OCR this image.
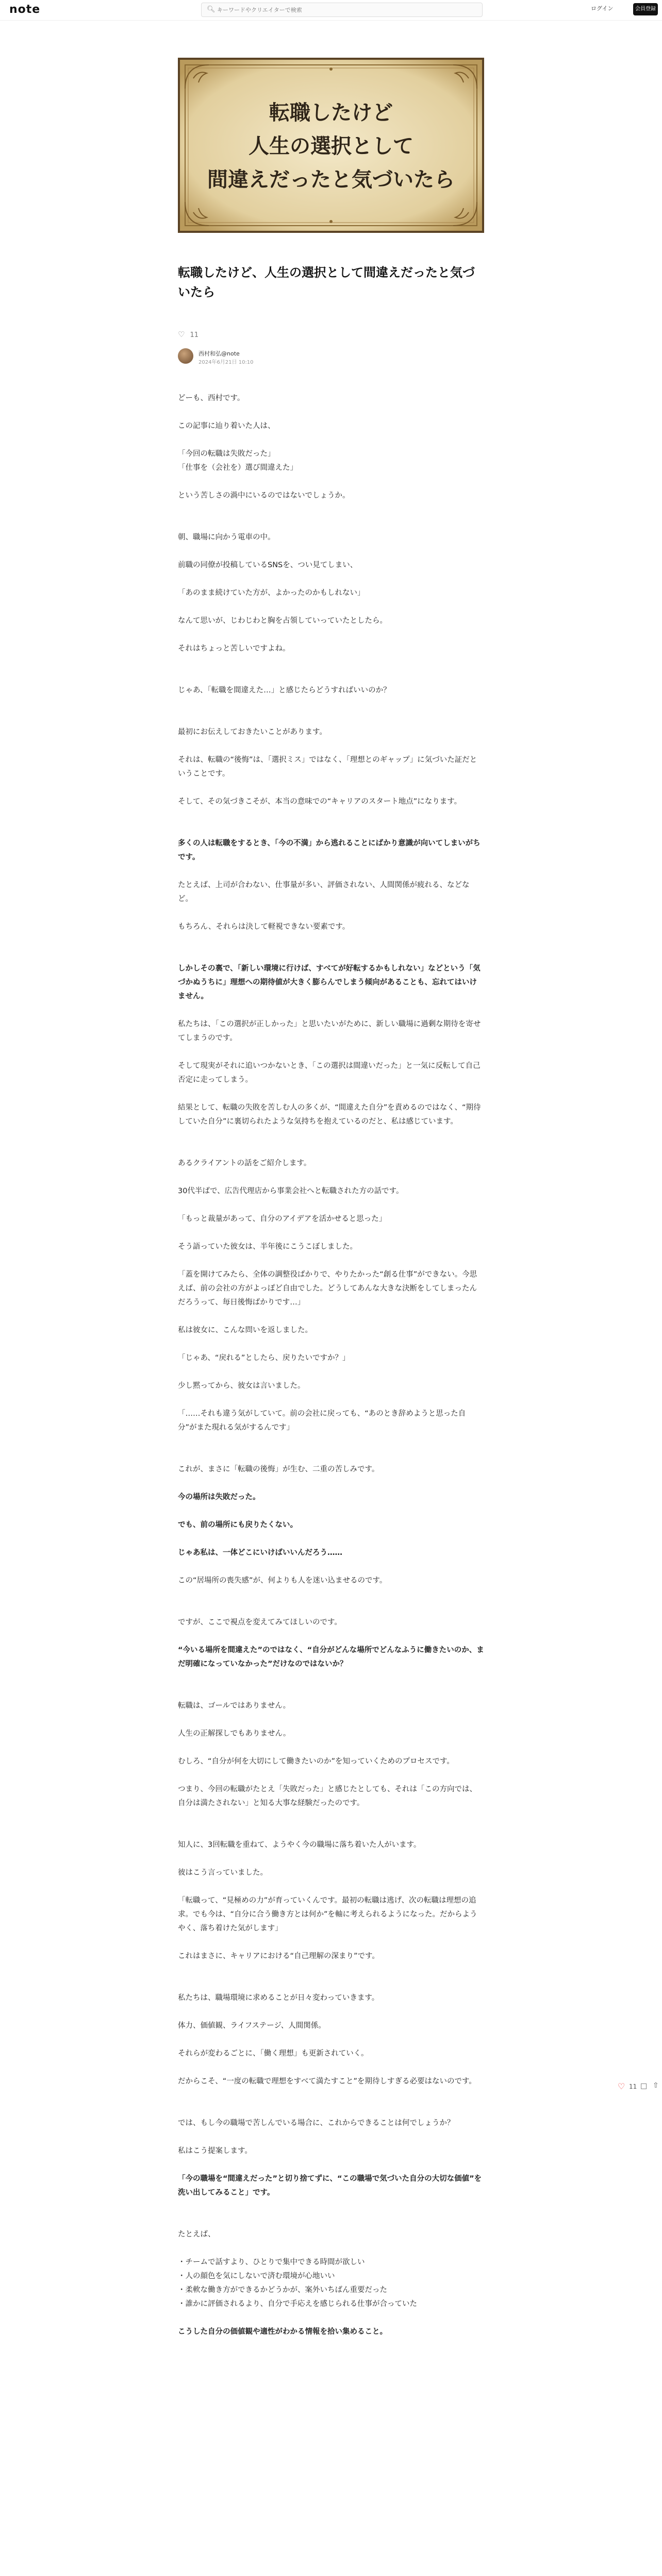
note	🔍︎
キーワードやクリエイターで検索	ログイン	会員登録
転職したけど
人生の選択として
間違えだったと気づいたら
転職したけど、人生の選択として間違えだったと気づいたら
♡ 11
西村和弘@note
2024年6月21日 10:10

どーも、西村です。

この記事に辿り着いた人は、

「今回の転職は失敗だった」
「仕事を（会社を）選び間違えた」

という苦しさの渦中にいるのではないでしょうか。

朝、職場に向かう電車の中。

前職の同僚が投稿しているSNSを、つい見てしまい、

「あのまま続けていた方が、よかったのかもしれない」

なんて思いが、じわじわと胸を占領していっていたとしたら。

それはちょっと苦しいですよね。

じゃあ、「転職を間違えた…」と感じたらどうすればいいのか？

最初にお伝えしておきたいことがあります。

それは、転職の“後悔”は、「選択ミス」ではなく、「理想とのギャップ」に気づいた証だということです。

そして、その気づきこそが、本当の意味での“キャリアのスタート地点”になります。

多くの人は転職をするとき、「今の不満」から逃れることにばかり意識が向いてしまいがちです。

たとえば、上司が合わない、仕事量が多い、評価されない、人間関係が疲れる、などなど。

もちろん、それらは決して軽視できない要素です。

しかしその裏で、「新しい環境に行けば、すべてが好転するかもしれない」などという「気づかぬうちに」理想への期待値が大きく膨らんでしまう傾向があることも、忘れてはいけません。

私たちは、「この選択が正しかった」と思いたいがために、新しい職場に過剰な期待を寄せてしまうのです。

そして現実がそれに追いつかないとき、「この選択は間違いだった」と一気に反転して自己否定に走ってしまう。

結果として、転職の失敗を苦しむ人の多くが、“間違えた自分”を責めるのではなく、“期待していた自分”に裏切られたような気持ちを抱えているのだと、私は感じています。

あるクライアントの話をご紹介します。

30代半ばで、広告代理店から事業会社へと転職された方の話です。

「もっと裁量があって、自分のアイデアを活かせると思った」

そう語っていた彼女は、半年後にこうこぼしました。

「蓋を開けてみたら、全体の調整役ばかりで、やりたかった“創る仕事”ができない。今思えば、前の会社の方がよっぽど自由でした。どうしてあんな大きな決断をしてしまったんだろうって、毎日後悔ばかりです…」

私は彼女に、こんな問いを返しました。

「じゃあ、“戻れる”としたら、戻りたいですか？」

少し黙ってから、彼女は言いました。

「……それも違う気がしていて。前の会社に戻っても、“あのとき辞めようと思った自分”がまた現れる気がするんです」

これが、まさに「転職の後悔」が生む、二重の苦しみです。

今の場所は失敗だった。

でも、前の場所にも戻りたくない。

じゃあ私は、一体どこにいけばいいんだろう……

この“居場所の喪失感”が、何よりも人を迷い込ませるのです。

ですが、ここで視点を変えてみてほしいのです。

“今いる場所を間違えた”のではなく、“自分がどんな場所でどんなふうに働きたいのか、まだ明確になっていなかった”だけなのではないか？

転職は、ゴールではありません。

人生の正解探しでもありません。

むしろ、“自分が何を大切にして働きたいのか”を知っていくためのプロセスです。

つまり、今回の転職がたとえ「失敗だった」と感じたとしても、それは「この方向では、自分は満たされない」と知る大事な経験だったのです。

知人に、3回転職を重ねて、ようやく今の職場に落ち着いた人がいます。

彼はこう言っていました。

「転職って、“見極めの力”が育っていくんです。最初の転職は逃げ、次の転職は理想の追求。でも今は、“自分に合う働き方とは何か”を軸に考えられるようになった。だからようやく、落ち着けた気がします」

これはまさに、キャリアにおける“自己理解の深まり”です。

私たちは、職場環境に求めることが日々変わっていきます。

体力、価値観、ライフステージ、人間関係。

それらが変わるごとに、「働く理想」も更新されていく。

だからこそ、“一度の転職で理想をすべて満たすこと”を期待しすぎる必要はないのです。

では、もし今の職場で苦しんでいる場合に、これからできることは何でしょうか？

私はこう提案します。

「今の職場を“間違えだった”と切り捨てずに、“この職場で気づいた自分の大切な価値”を洗い出してみること」です。

たとえば、

・チームで話すより、ひとりで集中できる時間が欲しい
・人の顔色を気にしないで済む環境が心地いい
・柔軟な働き方ができるかどうかが、案外いちばん重要だった
・誰かに評価されるより、自分で手応えを感じられる仕事が合っていた

こうした自分の価値観や適性がわかる情報を拾い集めること。

♡ 11 □ ⇧
